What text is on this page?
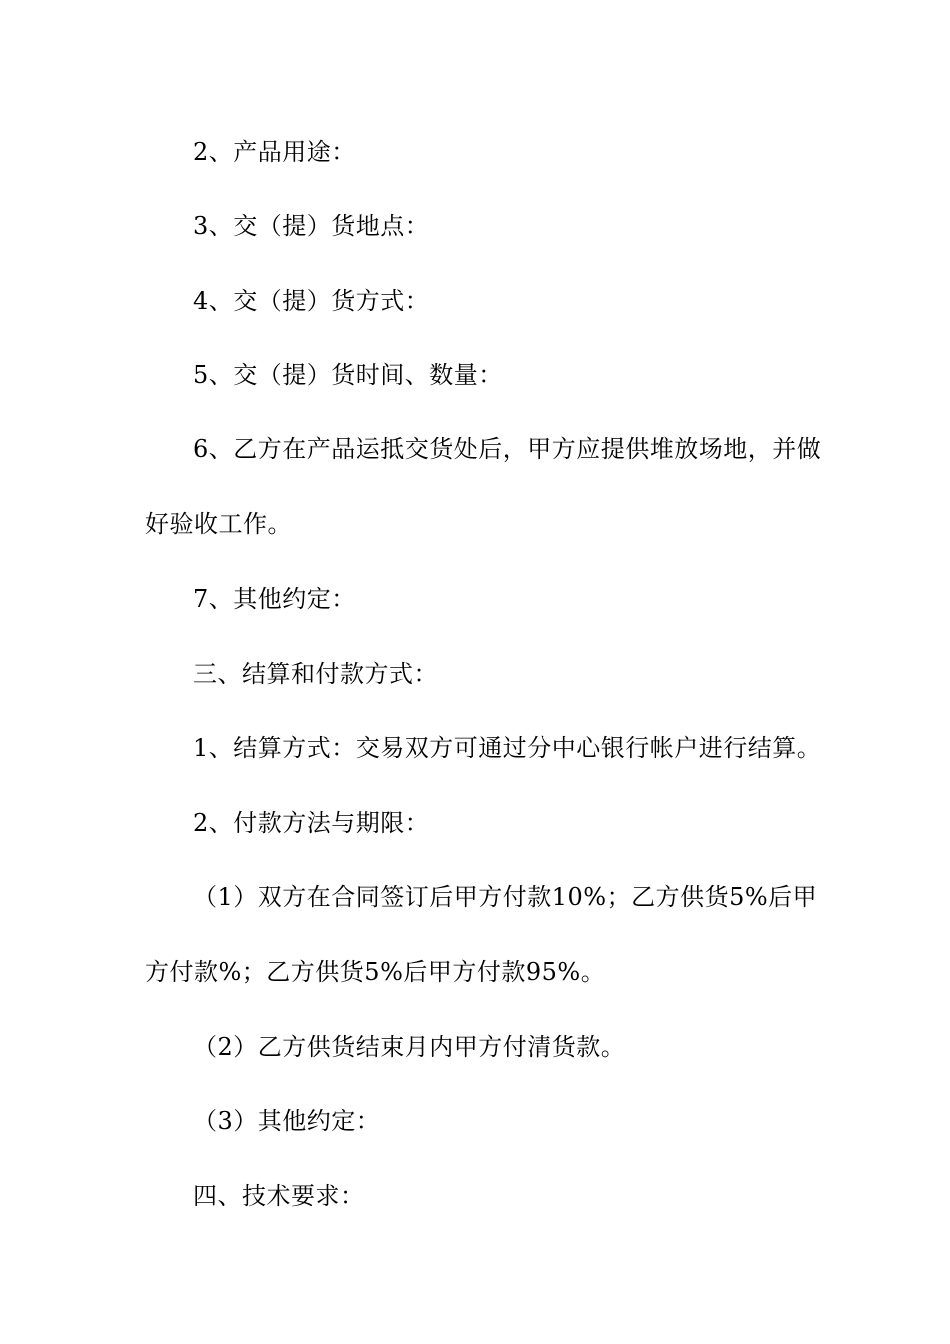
2、产品用途：
3、交（提）货地点：
4、交（提）货方式：
5、交（提）货时间、数量：
6、乙方在产品运抵交货处后，甲方应提供堆放场地，并做
好验收工作。
7、其他约定：
三、结算和付款方式：
1、结算方式：交易双方可通过分中心银行帐户进行结算。
2、付款方法与期限：
（1）双方在合同签订后甲方付款10%；乙方供货5%后甲
方付款%；乙方供货5%后甲方付款95%。
（2）乙方供货结束月内甲方付清货款。
（3）其他约定：
四、技术要求：
